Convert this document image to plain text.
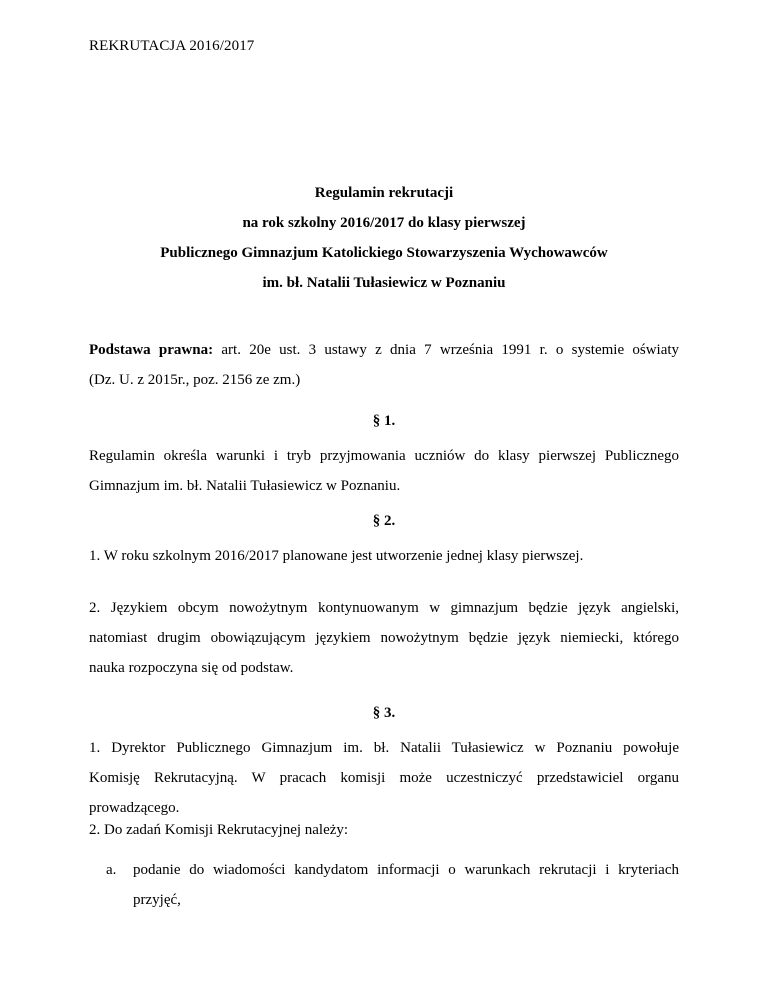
REKRUTACJA 2016/2017
Regulamin rekrutacji
na rok szkolny 2016/2017 do klasy pierwszej
Publicznego Gimnazjum Katolickiego Stowarzyszenia Wychowawców
im. bł. Natalii Tułasiewicz w Poznaniu
Podstawa prawna: art. 20e ust. 3 ustawy z dnia 7 września 1991 r. o systemie oświaty
(Dz. U. z 2015r., poz. 2156 ze zm.)
§ 1.
Regulamin określa warunki i tryb przyjmowania uczniów do klasy pierwszej Publicznego
Gimnazjum im. bł. Natalii Tułasiewicz w Poznaniu.
§ 2.
1. W roku szkolnym 2016/2017 planowane jest utworzenie jednej klasy pierwszej.
2. Językiem obcym nowożytnym kontynuowanym w gimnazjum będzie język angielski,
natomiast drugim obowiązującym językiem nowożytnym będzie język niemiecki, którego
nauka rozpoczyna się od podstaw.
§ 3.
1. Dyrektor Publicznego Gimnazjum im. bł. Natalii Tułasiewicz w Poznaniu powołuje
Komisję Rekrutacyjną. W pracach komisji może uczestniczyć przedstawiciel organu
prowadzącego.
2. Do zadań Komisji Rekrutacyjnej należy:
a. podanie do wiadomości kandydatom informacji o warunkach rekrutacji i kryteriach
przyjęć,
